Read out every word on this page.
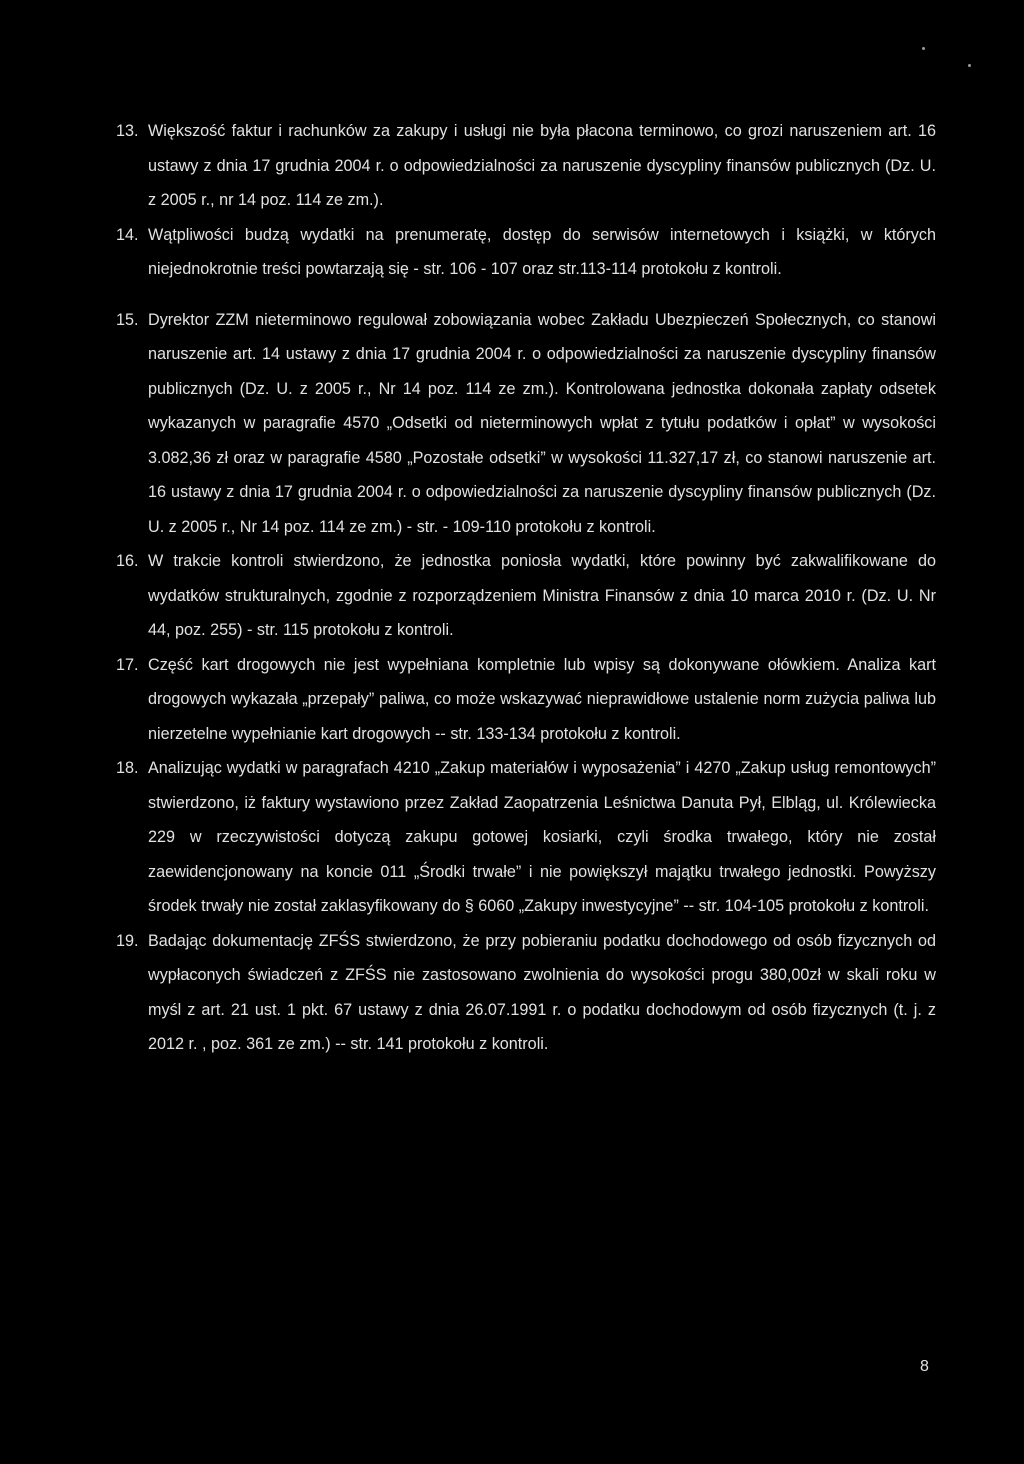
13. Większość faktur i rachunków za zakupy i usługi nie była płacona terminowo, co grozi naruszeniem art. 16 ustawy z dnia 17 grudnia 2004 r. o odpowiedzialności za naruszenie dyscypliny finansów publicznych (Dz. U. z 2005 r., nr 14 poz. 114 ze zm.).
14. Wątpliwości budzą wydatki na prenumeratę, dostęp do serwisów internetowych i książki, w których niejednokrotnie treści powtarzają się - str. 106 - 107 oraz str.113-114 protokołu z kontroli.
15. Dyrektor ZZM nieterminowo regulował zobowiązania wobec Zakładu Ubezpieczeń Społecznych, co stanowi naruszenie art. 14 ustawy z dnia 17 grudnia 2004 r. o odpowiedzialności za naruszenie dyscypliny finansów publicznych (Dz. U. z 2005 r., Nr 14 poz. 114 ze zm.). Kontrolowana jednostka dokonała zapłaty odsetek wykazanych w paragrafie 4570 „Odsetki od nieterminowych wpłat z tytułu podatków i opłat” w wysokości 3.082,36 zł oraz w paragrafie 4580 „Pozostałe odsetki” w wysokości 11.327,17 zł, co stanowi naruszenie art. 16 ustawy z dnia 17 grudnia 2004 r. o odpowiedzialności za naruszenie dyscypliny finansów publicznych (Dz. U. z 2005 r., Nr 14 poz. 114 ze zm.) - str. - 109-110 protokołu z kontroli.
16. W trakcie kontroli stwierdzono, że jednostka poniosła wydatki, które powinny być zakwalifikowane do wydatków strukturalnych, zgodnie z rozporządzeniem Ministra Finansów z dnia 10 marca 2010 r. (Dz. U. Nr 44, poz. 255) - str. 115 protokołu z kontroli.
17. Część kart drogowych nie jest wypełniana kompletnie lub wpisy są dokonywane ołówkiem. Analiza kart drogowych wykazała „przepały” paliwa, co może wskazywać nieprawidłowe ustalenie norm zużycia paliwa lub nierzetelne wypełnianie kart drogowych -- str. 133-134 protokołu z kontroli.
18. Analizując wydatki w paragrafach 4210 „Zakup materiałów i wyposażenia” i 4270 „Zakup usług remontowych” stwierdzono, iż faktury wystawiono przez Zakład Zaopatrzenia Leśnictwa Danuta Pył, Elbląg, ul. Królewiecka 229 w rzeczywistości dotyczą zakupu gotowej kosiarki, czyli środka trwałego, który nie został zaewidencjonowany na koncie 011 „Środki trwałe” i nie powiększył majątku trwałego jednostki. Powyższy środek trwały nie został zaklasyfikowany do § 6060 „Zakupy inwestycyjne” -- str. 104-105 protokołu z kontroli.
19. Badając dokumentację ZFŚS stwierdzono, że przy pobieraniu podatku dochodowego od osób fizycznych od wypłaconych świadczeń z ZFŚS nie zastosowano zwolnienia do wysokości progu 380,00zł w skali roku w myśl z art. 21 ust. 1 pkt. 67 ustawy z dnia 26.07.1991 r. o podatku dochodowym od osób fizycznych (t. j. z 2012 r. , poz. 361 ze zm.) -- str. 141 protokołu z kontroli.
8
